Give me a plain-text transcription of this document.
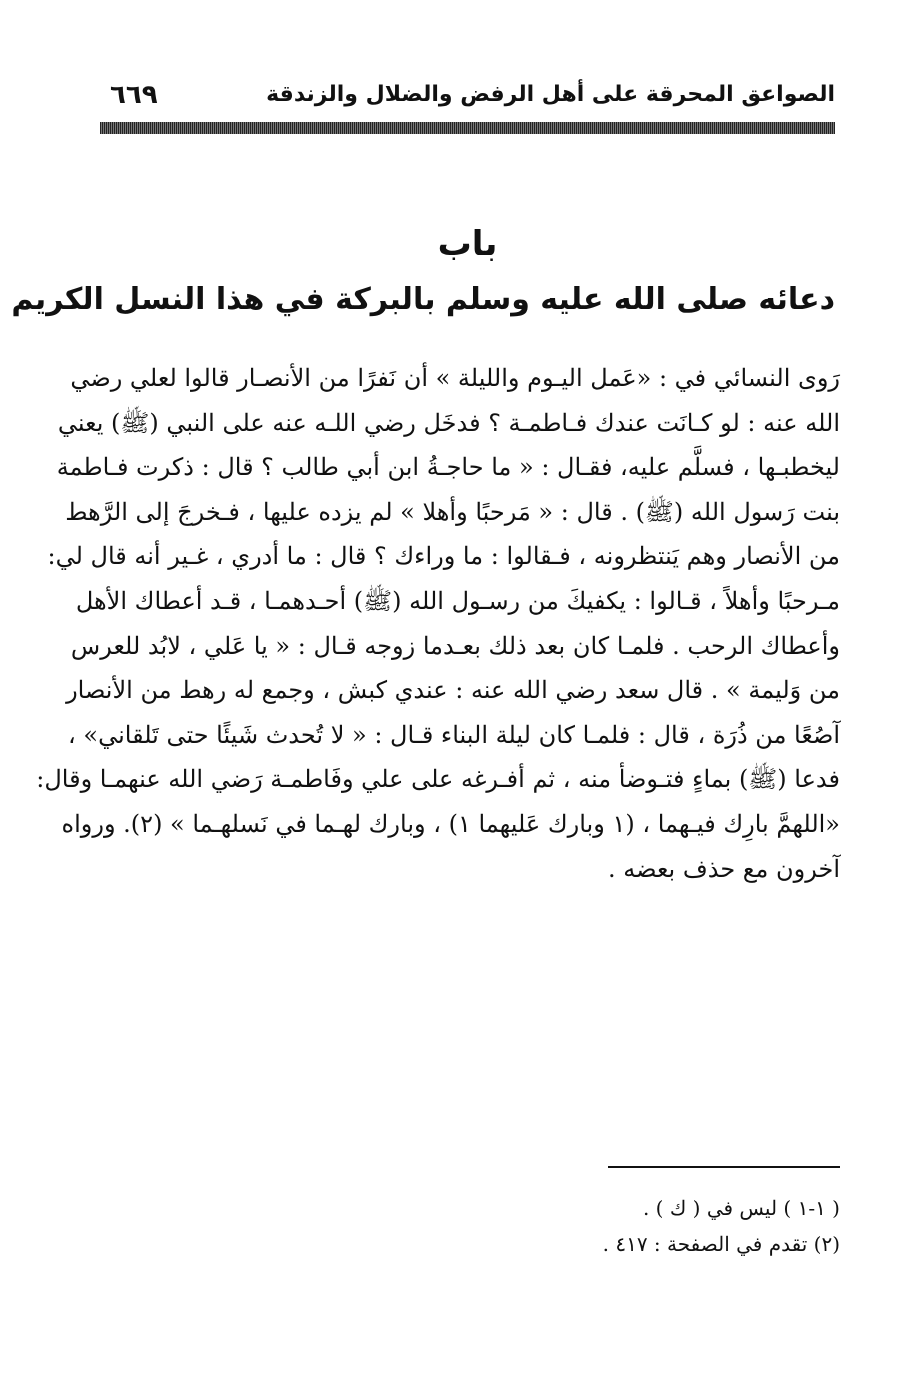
الصواعق المحرقة على أهل الرفض والضلال والزندقة
٦٦٩
باب
دعائه صلى الله عليه وسلم بالبركة في هذا النسل الكريم
رَوى النسائي في : «عَمل اليـوم والليلة » أن نَفرًا من الأنصـار قالوا لعلي رضي
الله عنه : لو كـانَت عندك فـاطمـة ؟ فدخَل رضي اللـه عنه على النبي (ﷺ) يعني
ليخطبـها ، فسلَّم عليه، فقـال : « ما حاجـةُ ابن أبي طالب ؟ قال : ذكرت فـاطمة
بنت رَسول الله (ﷺ) . قال : « مَرحبًا وأهلا » لم يزده عليها ، فـخرجَ إلى الرَّهط
من الأنصار وهم يَنتظرونه ، فـقالوا : ما وراءك ؟ قال : ما أدري ، غـير أنه قال لي:
مـرحبًا وأهلاً ، قـالوا : يكفيكَ من رسـول الله (ﷺ) أحـدهمـا ، قـد أعطاك الأهل
وأعطاك الرحب . فلمـا كان بعد ذلك بعـدما زوجه قـال : « يا عَلي ، لابُد للعرس
من وَليمة » . قال سعد رضي الله عنه : عندي كبش ، وجمع له رهط من الأنصار
آصُعًا من ذُرَة ، قال : فلمـا كان ليلة البناء قـال : « لا تُحدث شَيئًا حتى تَلقاني» ،
فدعا (ﷺ) بماءٍ فتـوضأ منه ، ثم أفـرغه على علي وفَاطمـة رَضي الله عنهمـا وقال:
«اللهمَّ بارِك فيـهما ، (١ وبارك عَليهما ١) ، وبارك لهـما في نَسلهـما » (٢). ورواه
آخرون مع حذف بعضه .
( ١-١ ) ليس في ( ك ) .
(٢) تقدم في الصفحة : ٤١٧ .
